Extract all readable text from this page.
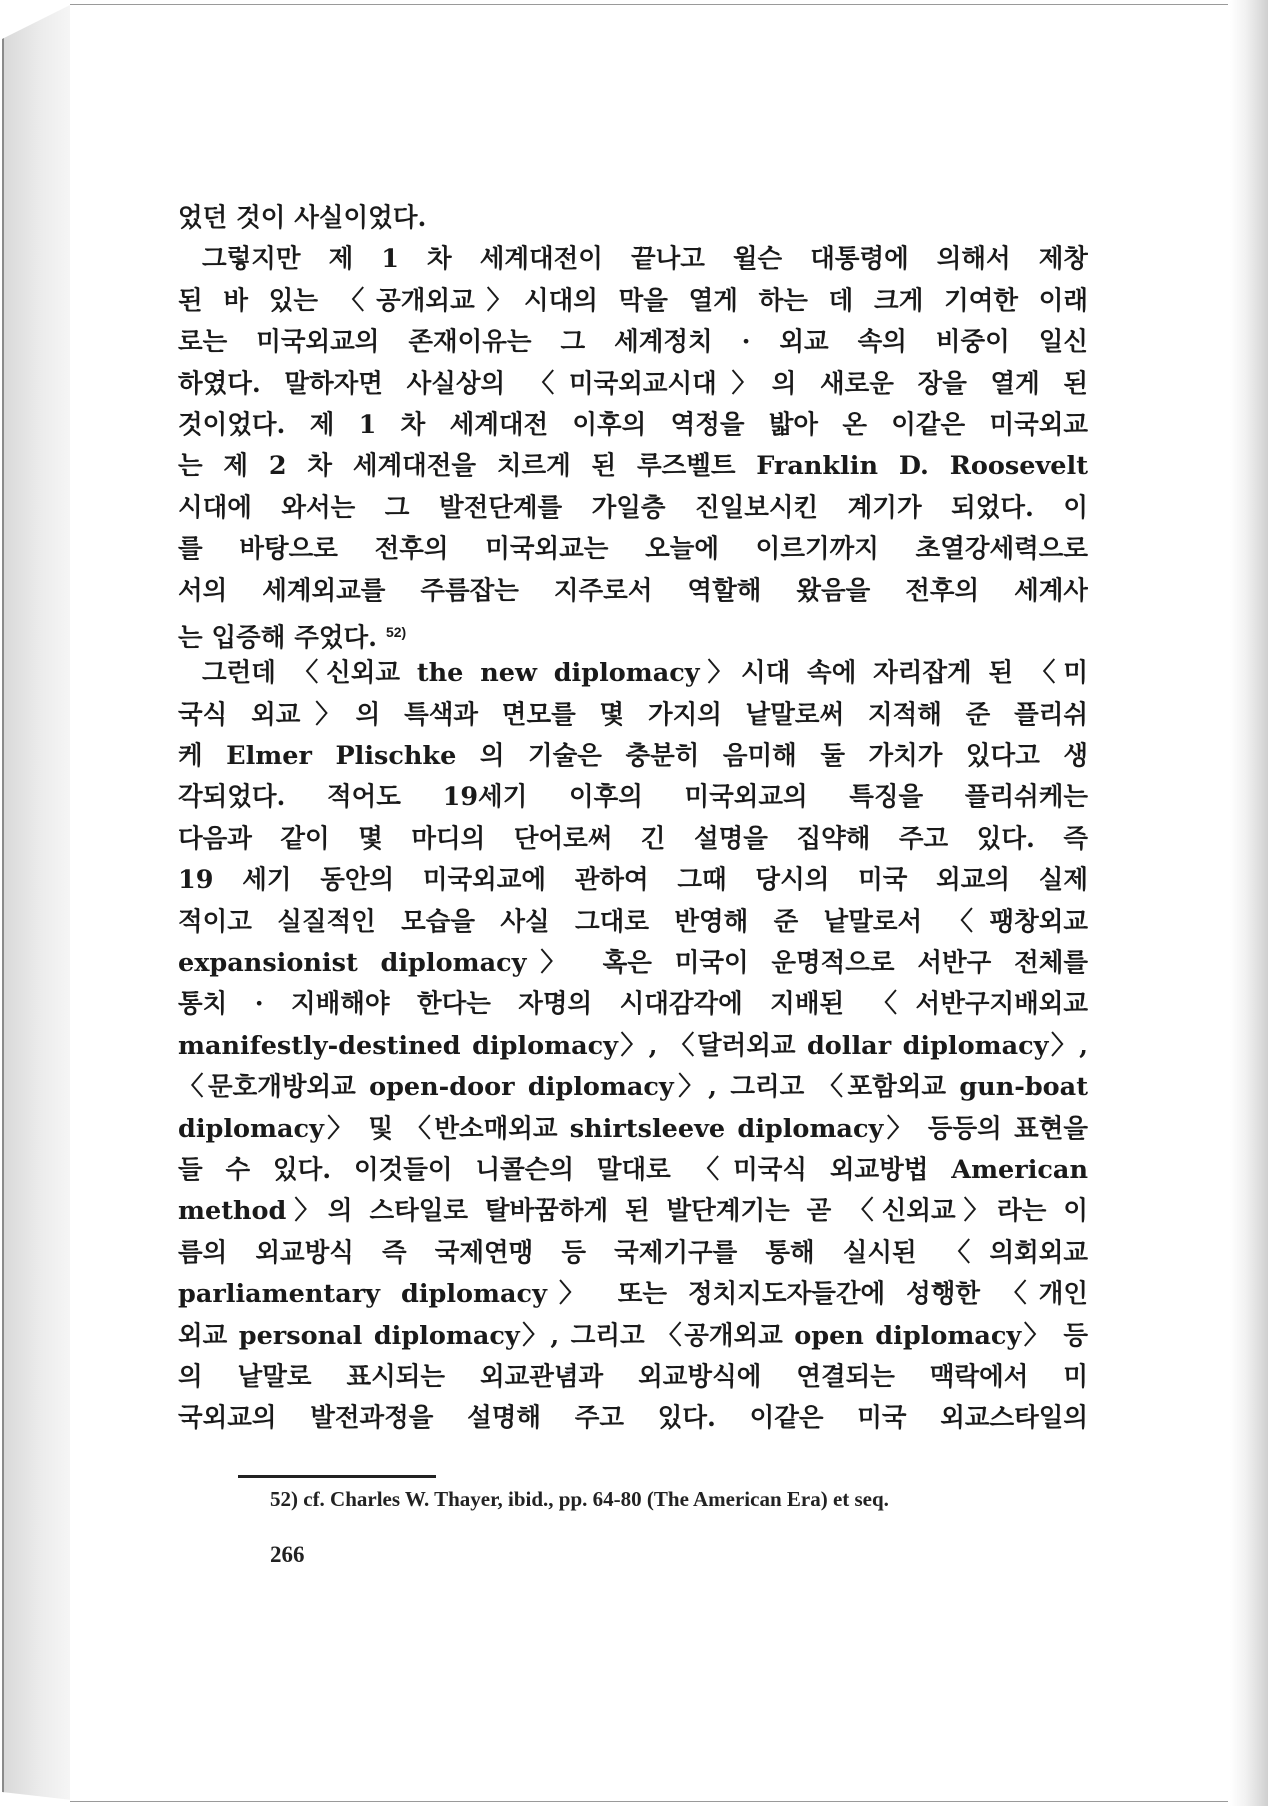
었던 것이 사실이었다.
그렇지만 제 1 차 세계대전이 끝나고 윌슨 대통령에 의해서 제창
된 바 있는 〈공개외교〉시대의 막을 열게 하는 데 크게 기여한 이래
로는 미국외교의 존재이유는 그 세계정치 · 외교 속의 비중이 일신
하였다. 말하자면 사실상의 〈미국외교시대〉의 새로운 장을 열게 된
것이었다. 제 1 차 세계대전 이후의 역정을 밟아 온 이같은 미국외교
는 제 2 차 세계대전을 치르게 된 루즈벨트 Franklin D. Roosevelt
시대에 와서는 그 발전단계를 가일층 진일보시킨 계기가 되었다. 이
를 바탕으로 전후의 미국외교는 오늘에 이르기까지 초열강세력으로
서의 세계외교를 주름잡는 지주로서 역할해 왔음을 전후의 세계사
는 입증해 주었다. $^{52)}$
그런데 〈신외교 the new diplomacy〉시대 속에 자리잡게 된 〈미
국식 외교〉의 특색과 면모를 몇 가지의 낱말로써 지적해 준 플리쉬
케 Elmer Plischke 의 기술은 충분히 음미해 둘 가치가 있다고 생
각되었다. 적어도 19세기 이후의 미국외교의 특징을 플리쉬케는
다음과 같이 몇 마디의 단어로써 긴 설명을 집약해 주고 있다. 즉
19 세기 동안의 미국외교에 관하여 그때 당시의 미국 외교의 실제
적이고 실질적인 모습을 사실 그대로 반영해 준 낱말로서 〈팽창외교
expansionist diplomacy〉 혹은 미국이 운명적으로 서반구 전체를
통치 · 지배해야 한다는 자명의 시대감각에 지배된 〈서반구지배외교
manifestly-destined diplomacy〉, 〈달러외교 dollar diplomacy〉,
〈문호개방외교 open-door diplomacy〉, 그리고 〈포함외교 gun-boat
diplomacy〉 및 〈반소매외교 shirtsleeve diplomacy〉 등등의 표현을
들 수 있다. 이것들이 니콜슨의 말대로 〈미국식 외교방법 American
method〉의 스타일로 탈바꿈하게 된 발단계기는 곧 〈신외교〉라는 이
름의 외교방식 즉 국제연맹 등 국제기구를 통해 실시된 〈의회외교
parliamentary diplomacy〉 또는 정치지도자들간에 성행한 〈개인
외교 personal diplomacy〉, 그리고 〈공개외교 open diplomacy〉 등
의 낱말로 표시되는 외교관념과 외교방식에 연결되는 맥락에서 미
국외교의 발전과정을 설명해 주고 있다. 이같은 미국 외교스타일의
52) cf. Charles W. Thayer, ibid., pp. 64-80 (The American Era) et seq.
266
